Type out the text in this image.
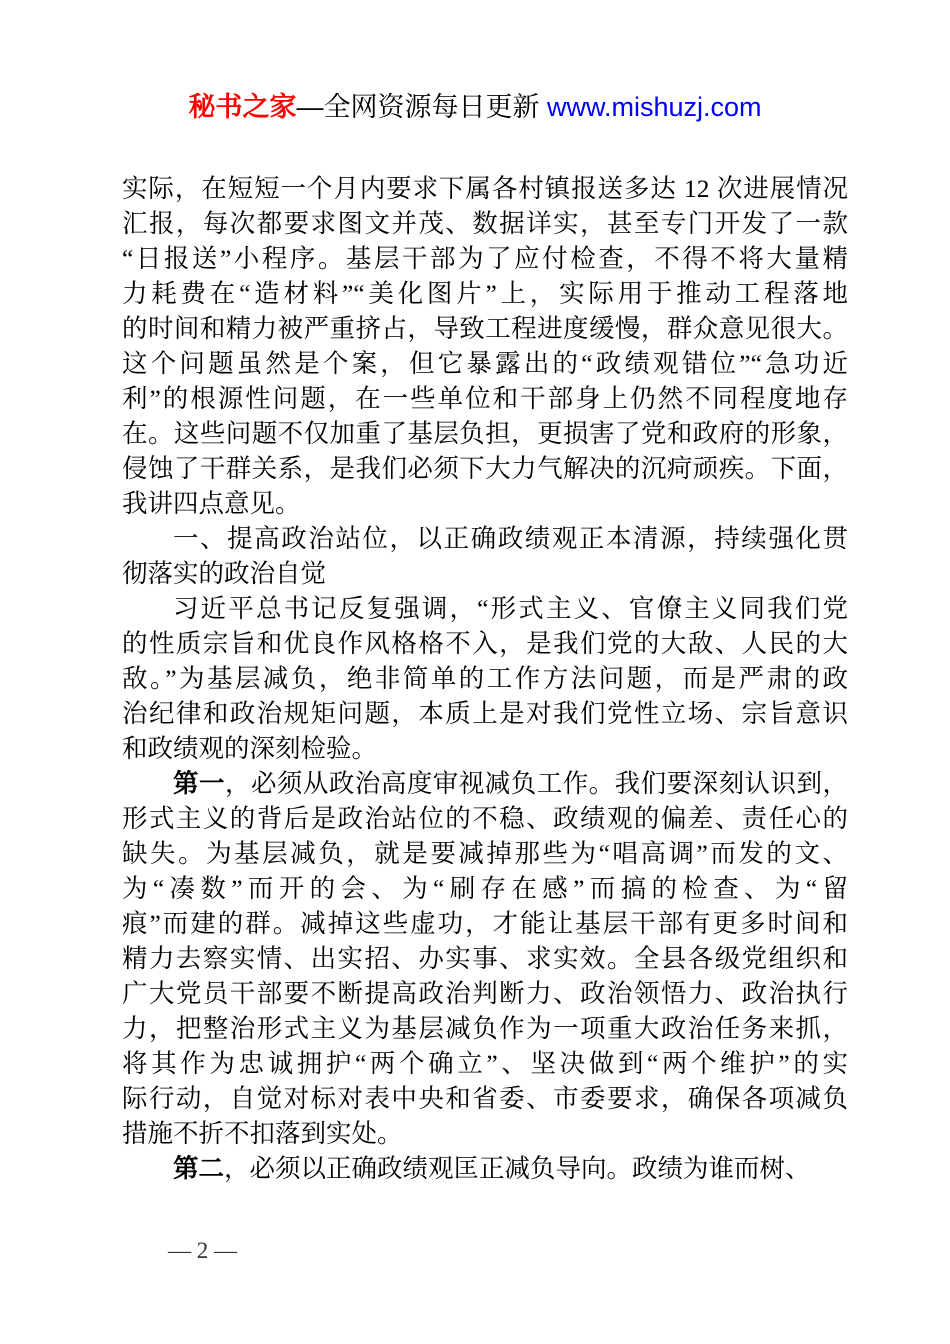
秘书之家—全网资源每日更新 www.mishuzj.com
实际，在短短一个月内要求下属各村镇报送多达 12 次进展情况
汇报，每次都要求图文并茂、数据详实，甚至专门开发了一款
“日报送”小程序。基层干部为了应付检查，不得不将大量精
力耗费在“造材料”“美化图片”上，实际用于推动工程落地
的时间和精力被严重挤占，导致工程进度缓慢，群众意见很大。
这个问题虽然是个案，但它暴露出的“政绩观错位”“急功近
利”的根源性问题，在一些单位和干部身上仍然不同程度地存
在。这些问题不仅加重了基层负担，更损害了党和政府的形象，
侵蚀了干群关系，是我们必须下大力气解决的沉疴顽疾。下面，
我讲四点意见。
一、提高政治站位，以正确政绩观正本清源，持续强化贯
彻落实的政治自觉
习近平总书记反复强调，“形式主义、官僚主义同我们党
的性质宗旨和优良作风格格不入，是我们党的大敌、人民的大
敌。”为基层减负，绝非简单的工作方法问题，而是严肃的政
治纪律和政治规矩问题，本质上是对我们党性立场、宗旨意识
和政绩观的深刻检验。
第一，必须从政治高度审视减负工作。我们要深刻认识到，
形式主义的背后是政治站位的不稳、政绩观的偏差、责任心的
缺失。为基层减负，就是要减掉那些为“唱高调”而发的文、
为“凑数”而开的会、为“刷存在感”而搞的检查、为“留
痕”而建的群。减掉这些虚功，才能让基层干部有更多时间和
精力去察实情、出实招、办实事、求实效。全县各级党组织和
广大党员干部要不断提高政治判断力、政治领悟力、政治执行
力，把整治形式主义为基层减负作为一项重大政治任务来抓，
将其作为忠诚拥护“两个确立”、坚决做到“两个维护”的实
际行动，自觉对标对表中央和省委、市委要求，确保各项减负
措施不折不扣落到实处。
第二，必须以正确政绩观匡正减负导向。政绩为谁而树、
— 2 —
